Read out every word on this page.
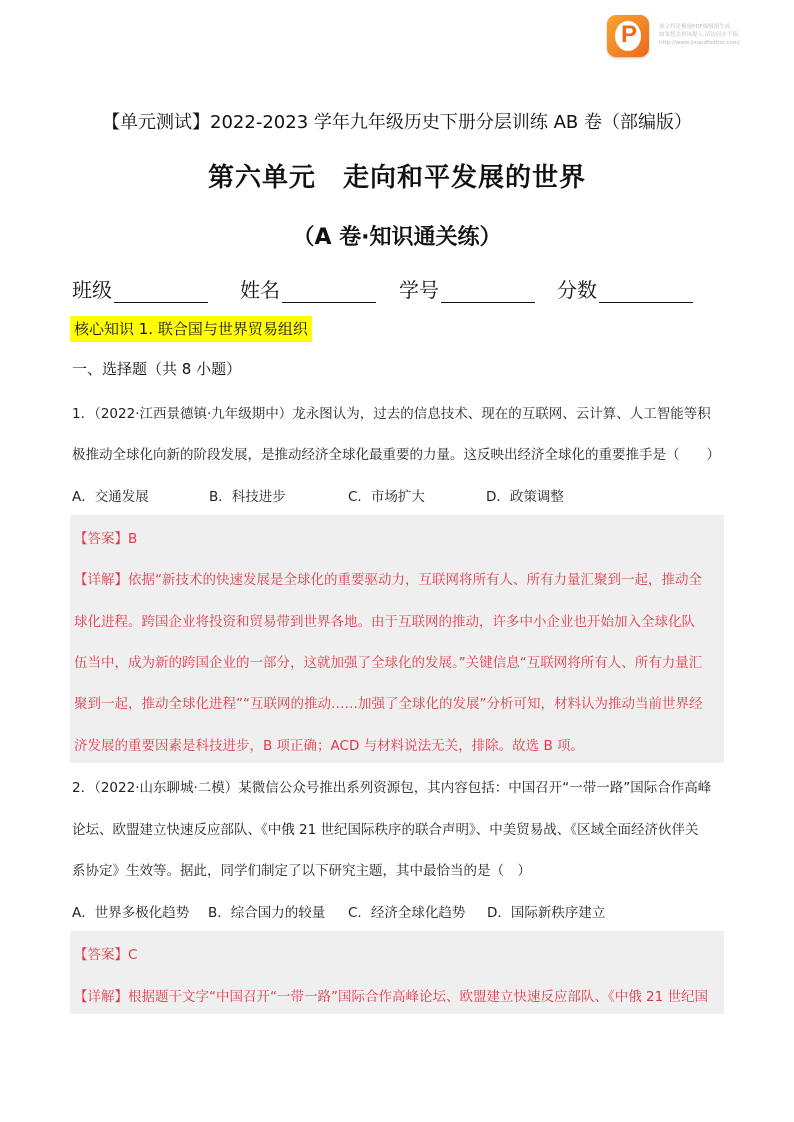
P	该文档是极速PDF编辑器生成,
如果想去掉该提示,请访问并下载:
http://www.jisupdfeditor.com/
【单元测试】2022-2023 学年九年级历史下册分层训练 AB 卷（部编版）
第六单元　走向和平发展的世界
（A 卷·知识通关练）
班级	姓名	学号	分数
核心知识 1. 联合国与世界贸易组织
一、选择题（共 8 小题）
1．（2022·江西景德镇·九年级期中）龙永图认为，过去的信息技术、现在的互联网、云计算、人工智能等积
极推动全球化向新的阶段发展，是推动经济全球化最重要的力量。这反映出经济全球化的重要推手是（　　）
A．交通发展	B．科技进步	C．市场扩大	D．政策调整
【答案】B
【详解】依据“新技术的快速发展是全球化的重要驱动力，互联网将所有人、所有力量汇聚到一起，推动全
球化进程。跨国企业将投资和贸易带到世界各地。由于互联网的推动，许多中小企业也开始加入全球化队
伍当中，成为新的跨国企业的一部分，这就加强了全球化的发展。”关键信息“互联网将所有人、所有力量汇
聚到一起，推动全球化进程”“互联网的推动……加强了全球化的发展”分析可知，材料认为推动当前世界经
济发展的重要因素是科技进步，B 项正确；ACD 与材料说法无关，排除。故选 B 项。
2．（2022·山东聊城·二模）某微信公众号推出系列资源包，其内容包括：中国召开“一带一路”国际合作高峰
论坛、欧盟建立快速反应部队、《中俄 21 世纪国际秩序的联合声明》、中美贸易战、《区域全面经济伙伴关
系协定》生效等。据此，同学们制定了以下研究主题，其中最恰当的是（　）
A．世界多极化趋势 B．综合国力的较量 C．经济全球化趋势 D．国际新秩序建立
【答案】C
【详解】根据题干文字“中国召开“一带一路”国际合作高峰论坛、欧盟建立快速反应部队、《中俄 21 世纪国
